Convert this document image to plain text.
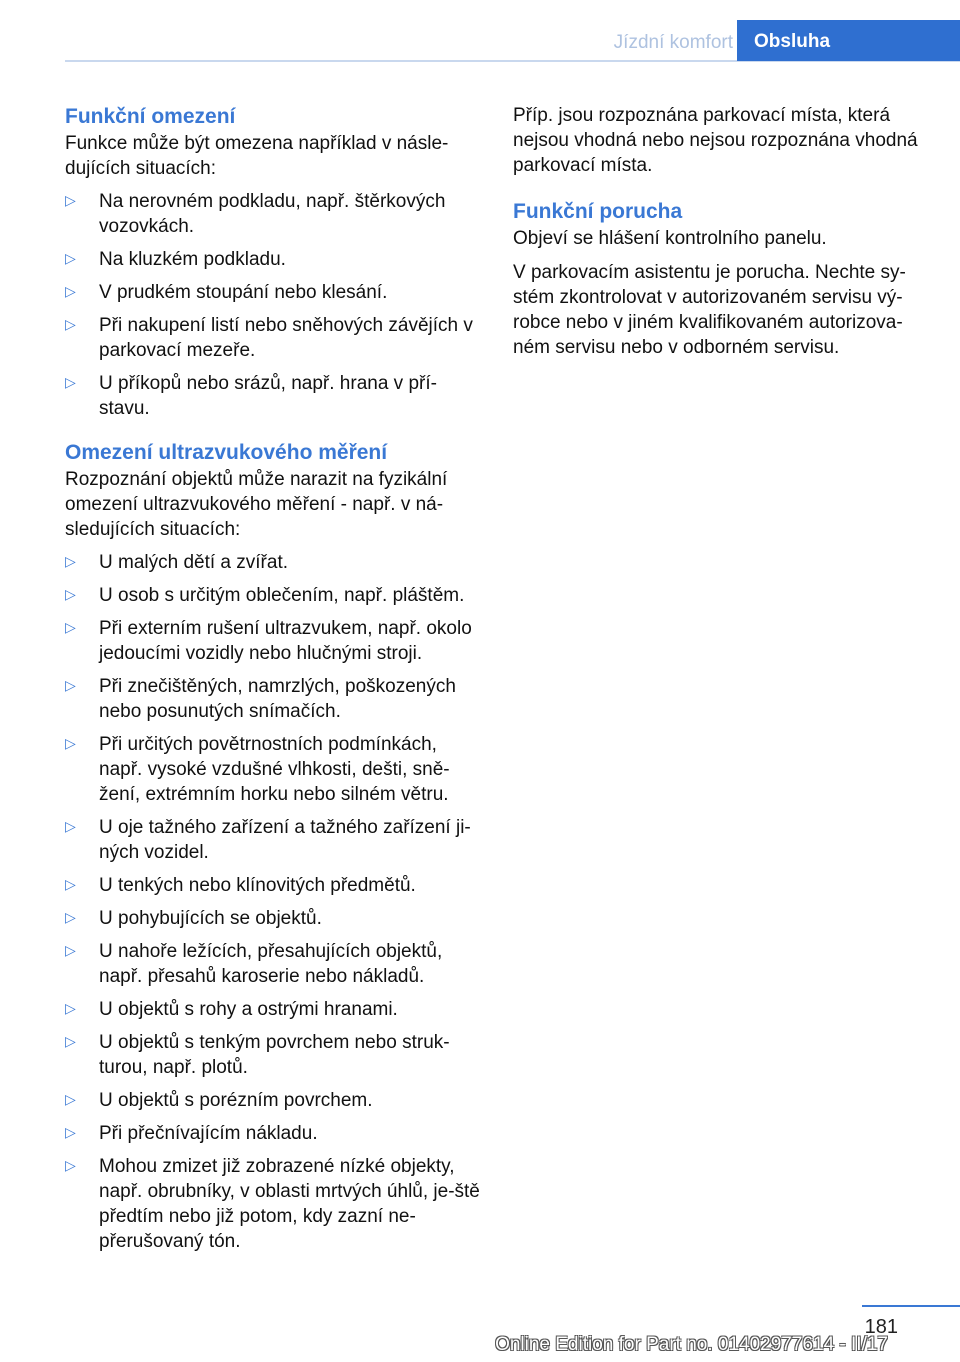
Jízdní komfort	Obsluha
Funkční omezení

Funkce může být omezena například v násle-dujících situacích:

▷ Na nerovném podkladu, např. štěrkových vozovkách.
▷ Na kluzkém podkladu.
▷ V prudkém stoupání nebo klesání.
▷ Při nakupení listí nebo sněhových závějích v parkovací mezeře.
▷ U příkopů nebo srázů, např. hrana v pří-stavu.
Omezení ultrazvukového měření

Rozpoznání objektů může narazit na fyzikální omezení ultrazvukového měření - např. v ná-sledujících situacích:

▷ U malých dětí a zvířat.
▷ U osob s určitým oblečením, např. pláštěm.
▷ Při externím rušení ultrazvukem, např. okolo jedoucími vozidly nebo hlučnými stroji.
▷ Při znečištěných, namrzlých, poškozených nebo posunutých snímačích.
▷ Při určitých povětrnostních podmínkách, např. vysoké vzdušné vlhkosti, dešti, sně-žení, extrémním horku nebo silném větru.
▷ U oje tažného zařízení a tažného zařízení ji-ných vozidel.
▷ U tenkých nebo klínovitých předmětů.
▷ U pohybujících se objektů.
▷ U nahoře ležících, přesahujících objektů, např. přesahů karoserie nebo nákladů.
▷ U objektů s rohy a ostrými hranami.
▷ U objektů s tenkým povrchem nebo struk-turou, např. plotů.
▷ U objektů s porézním povrchem.
▷ Při přečnívajícím nákladu.
▷ Mohou zmizet již zobrazené nízké objekty, např. obrubníky, v oblasti mrtvých úhlů, je-ště předtím nebo již potom, kdy zazní ne-přerušovaný tón.

Příp. jsou rozpoznána parkovací místa, která nejsou vhodná nebo nejsou rozpoznána vhodná parkovací místa.

Funkční porucha

Objeví se hlášení kontrolního panelu.

V parkovacím asistentu je porucha. Nechte sy-stém zkontrolovat v autorizovaném servisu vý-robce nebo v jiném kvalifikovaném autorizova-ném servisu nebo v odborném servisu.

181
Online Edition for Part no. 01402977614 - II/17
